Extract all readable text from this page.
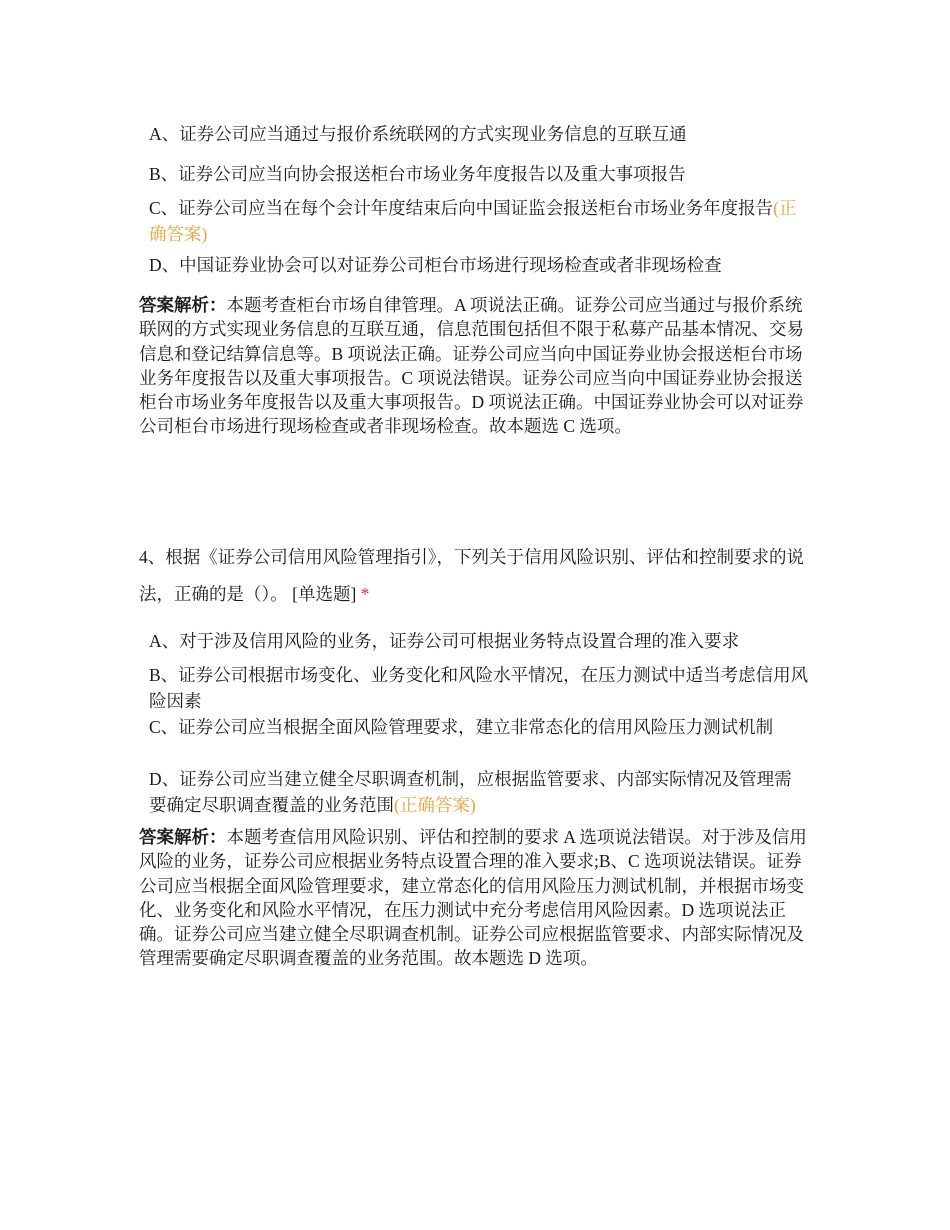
A、证券公司应当通过与报价系统联网的方式实现业务信息的互联互通
B、证券公司应当向协会报送柜台市场业务年度报告以及重大事项报告
C、证券公司应当在每个会计年度结束后向中国证监会报送柜台市场业务年度报告(正确答案)
D、中国证券业协会可以对证券公司柜台市场进行现场检查或者非现场检查
答案解析：本题考查柜台市场自律管理。A 项说法正确。证券公司应当通过与报价系统联网的方式实现业务信息的互联互通，信息范围包括但不限于私募产品基本情况、交易信息和登记结算信息等。B 项说法正确。证券公司应当向中国证券业协会报送柜台市场业务年度报告以及重大事项报告。C 项说法错误。证券公司应当向中国证券业协会报送柜台市场业务年度报告以及重大事项报告。D 项说法正确。中国证券业协会可以对证券公司柜台市场进行现场检查或者非现场检查。故本题选 C 选项。
4、根据《证券公司信用风险管理指引》，下列关于信用风险识别、评估和控制要求的说法，正确的是（）。 [单选题] *
A、对于涉及信用风险的业务，证券公司可根据业务特点设置合理的准入要求
B、证券公司根据市场变化、业务变化和风险水平情况，在压力测试中适当考虑信用风险因素
C、证券公司应当根据全面风险管理要求，建立非常态化的信用风险压力测试机制
D、证券公司应当建立健全尽职调查机制，应根据监管要求、内部实际情况及管理需要确定尽职调查覆盖的业务范围(正确答案)
答案解析：本题考查信用风险识别、评估和控制的要求 A 选项说法错误。对于涉及信用风险的业务，证券公司应根据业务特点设置合理的准入要求;B、C 选项说法错误。证券公司应当根据全面风险管理要求，建立常态化的信用风险压力测试机制，并根据市场变化、业务变化和风险水平情况，在压力测试中充分考虑信用风险因素。D 选项说法正确。证券公司应当建立健全尽职调查机制。证券公司应根据监管要求、内部实际情况及管理需要确定尽职调查覆盖的业务范围。故本题选 D 选项。
